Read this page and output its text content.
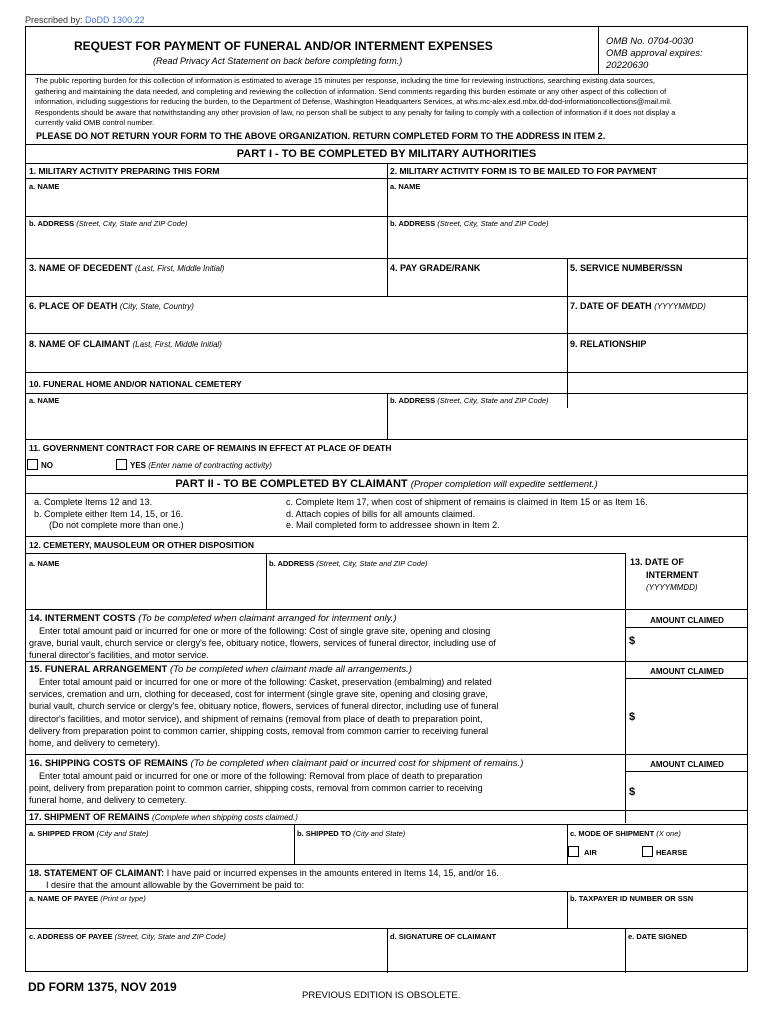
Prescribed by: DoDD 1300.22
REQUEST FOR PAYMENT OF FUNERAL AND/OR INTERMENT EXPENSES
(Read Privacy Act Statement on back before completing form.)
OMB No. 0704-0030
OMB approval expires:
20220630
The public reporting burden for this collection of information is estimated to average 15 minutes per response, including the time for reviewing instructions, searching existing data sources,
gathering and maintaining the data needed, and completing and reviewing the collection of information. Send comments regarding this burden estimate or any other aspect of this collection of
information, including suggestions for reducing the burden, to the Department of Defense, Washington Headquarters Services, at whs.mc-alex.esd.mbx.dd-dod-informationcollections@mail.mil.
Respondents should be aware that notwithstanding any other provision of law, no person shall be subject to any penalty for failing to comply with a collection of information if it does not display a
currently valid OMB control number.
PLEASE DO NOT RETURN YOUR FORM TO THE ABOVE ORGANIZATION. RETURN COMPLETED FORM TO THE ADDRESS IN ITEM 2.
PART I - TO BE COMPLETED BY MILITARY AUTHORITIES
1. MILITARY ACTIVITY PREPARING THIS FORM	2. MILITARY ACTIVITY FORM IS TO BE MAILED TO FOR PAYMENT
a. NAME	a. NAME
b. ADDRESS (Street, City, State and ZIP Code)	b. ADDRESS (Street, City, State and ZIP Code)
3. NAME OF DECEDENT (Last, First, Middle Initial)	4. PAY GRADE/RANK	5. SERVICE NUMBER/SSN
6. PLACE OF DEATH (City, State, Country)	7. DATE OF DEATH (YYYYMMDD)
8. NAME OF CLAIMANT (Last, First, Middle Initial)	9. RELATIONSHIP
10. FUNERAL HOME AND/OR NATIONAL CEMETERY
a. NAME	b. ADDRESS (Street, City, State and ZIP Code)
11. GOVERNMENT CONTRACT FOR CARE OF REMAINS IN EFFECT AT PLACE OF DEATH
NO	YES (Enter name of contracting activity)
PART II - TO BE COMPLETED BY CLAIMANT (Proper completion will expedite settlement.)
a. Complete Items 12 and 13.
b. Complete either Item 14, 15, or 16.
(Do not complete more than one.)
c. Complete Item 17, when cost of shipment of remains is claimed in Item 15 or as Item 16.
d. Attach copies of bills for all amounts claimed.
e. Mail completed form to addressee shown in Item 2.
12. CEMETERY, MAUSOLEUM OR OTHER DISPOSITION
a. NAME	b. ADDRESS (Street, City, State and ZIP Code)	13. DATE OF
INTERMENT
(YYYYMMDD)
14. INTERMENT COSTS (To be completed when claimant arranged for interment only.)
Enter total amount paid or incurred for one or more of the following: Cost of single grave site, opening and closing
grave, burial vault, church service or clergy's fee, obituary notice, flowers, services of funeral director, including use of
funeral director's facilities, and motor service.
AMOUNT CLAIMED
$
15. FUNERAL ARRANGEMENT (To be completed when claimant made all arrangements.)
Enter total amount paid or incurred for one or more of the following: Casket, preservation (embalming) and related
services, cremation and urn, clothing for deceased, cost for interment (single grave site, opening and closing grave,
burial vault, church service or clergy's fee, obituary notice, flowers, services of funeral director, including use of funeral
director's facilities, and motor service), and shipment of remains (removal from place of death to preparation point,
delivery from preparation point to common carrier, shipping costs, removal from common carrier to receiving funeral
home, and delivery to cemetery).
AMOUNT CLAIMED
$
16. SHIPPING COSTS OF REMAINS (To be completed when claimant paid or incurred cost for shipment of remains.)
Enter total amount paid or incurred for one or more of the following: Removal from place of death to preparation
point, delivery from preparation point to common carrier, shipping costs, removal from common carrier to receiving
funeral home, and delivery to cemetery.
AMOUNT CLAIMED
$
17. SHIPMENT OF REMAINS (Complete when shipping costs claimed.)
a. SHIPPED FROM (City and State)	b. SHIPPED TO (City and State)	c. MODE OF SHIPMENT (X one)
AIR	HEARSE
18. STATEMENT OF CLAIMANT: I have paid or incurred expenses in the amounts entered in Items 14, 15, and/or 16.
I desire that the amount allowable by the Government be paid to:
a. NAME OF PAYEE (Print or type)	b. TAXPAYER ID NUMBER OR SSN
c. ADDRESS OF PAYEE (Street, City, State and ZIP Code)	d. SIGNATURE OF CLAIMANT	e. DATE SIGNED
DD FORM 1375, NOV 2019
PREVIOUS EDITION IS OBSOLETE.
